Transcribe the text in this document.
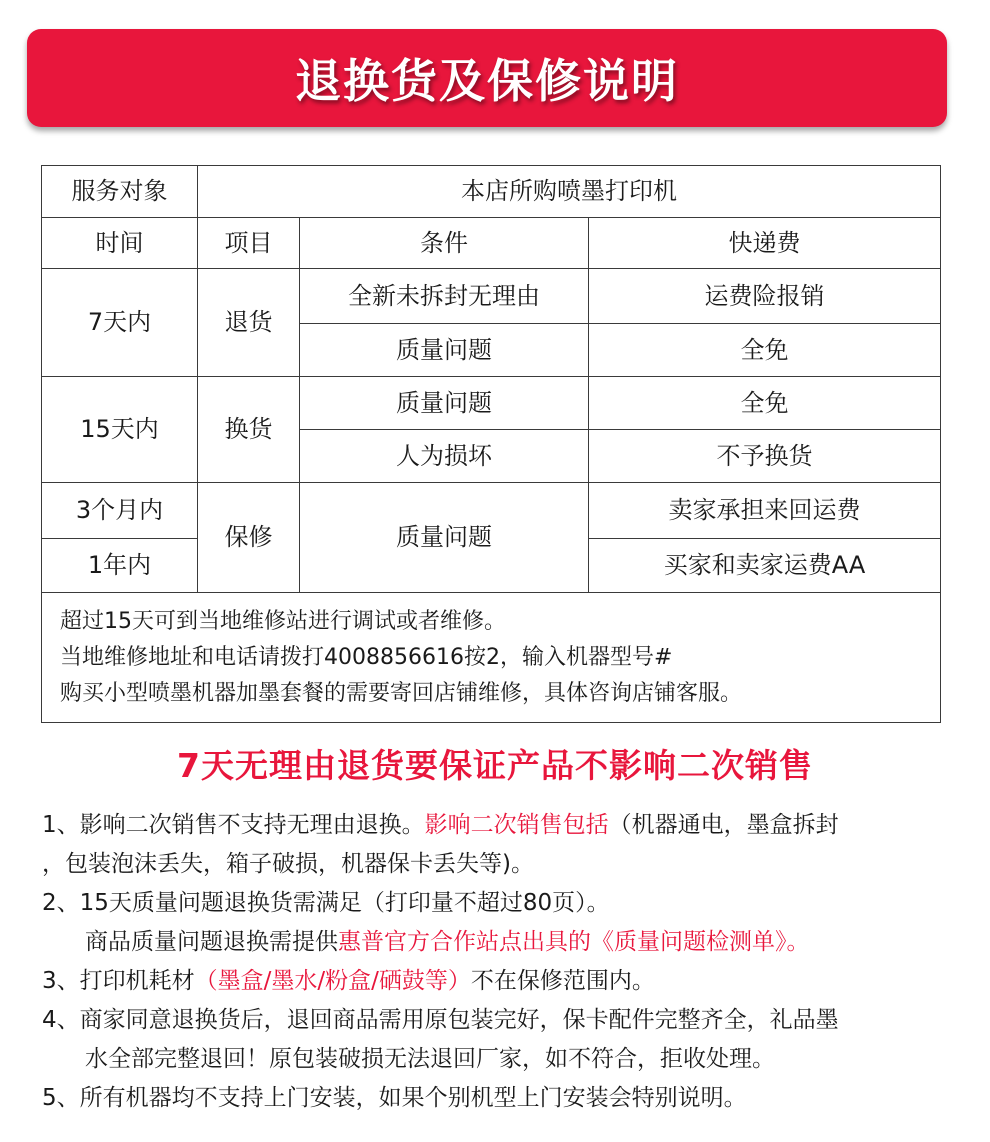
退换货及保修说明
服务对象	本店所购喷墨打印机		
时间	项目	条件	快递费
7天内	退货	全新未拆封无理由	运费险报销
		质量问题	全免
15天内	换货	质量问题	全免
		人为损坏	不予换货
3个月内	保修	质量问题	卖家承担来回运费
1年内			买家和卖家运费AA

超过15天可到当地维修站进行调试或者维修。
当地维修地址和电话请拨打4008856616按2，输入机器型号#
购买小型喷墨机器加墨套餐的需要寄回店铺维修，具体咨询店铺客服。			
7天无理由退货要保证产品不影响二次销售

1、影响二次销售不支持无理由退换。影响二次销售包括（机器通电，墨盒拆封

，包装泡沫丢失，箱子破损，机器保卡丢失等)。

2、15天质量问题退换货需满足（打印量不超过80页）。

商品质量问题退换需提供惠普官方合作站点出具的《质量问题检测单》。

3、打印机耗材（墨盒/墨水/粉盒/硒鼓等）不在保修范围内。

4、商家同意退换货后，退回商品需用原包装完好，保卡配件完整齐全，礼品墨

水全部完整退回！原包装破损无法退回厂家，如不符合，拒收处理。

5、所有机器均不支持上门安装，如果个别机型上门安装会特别说明。
